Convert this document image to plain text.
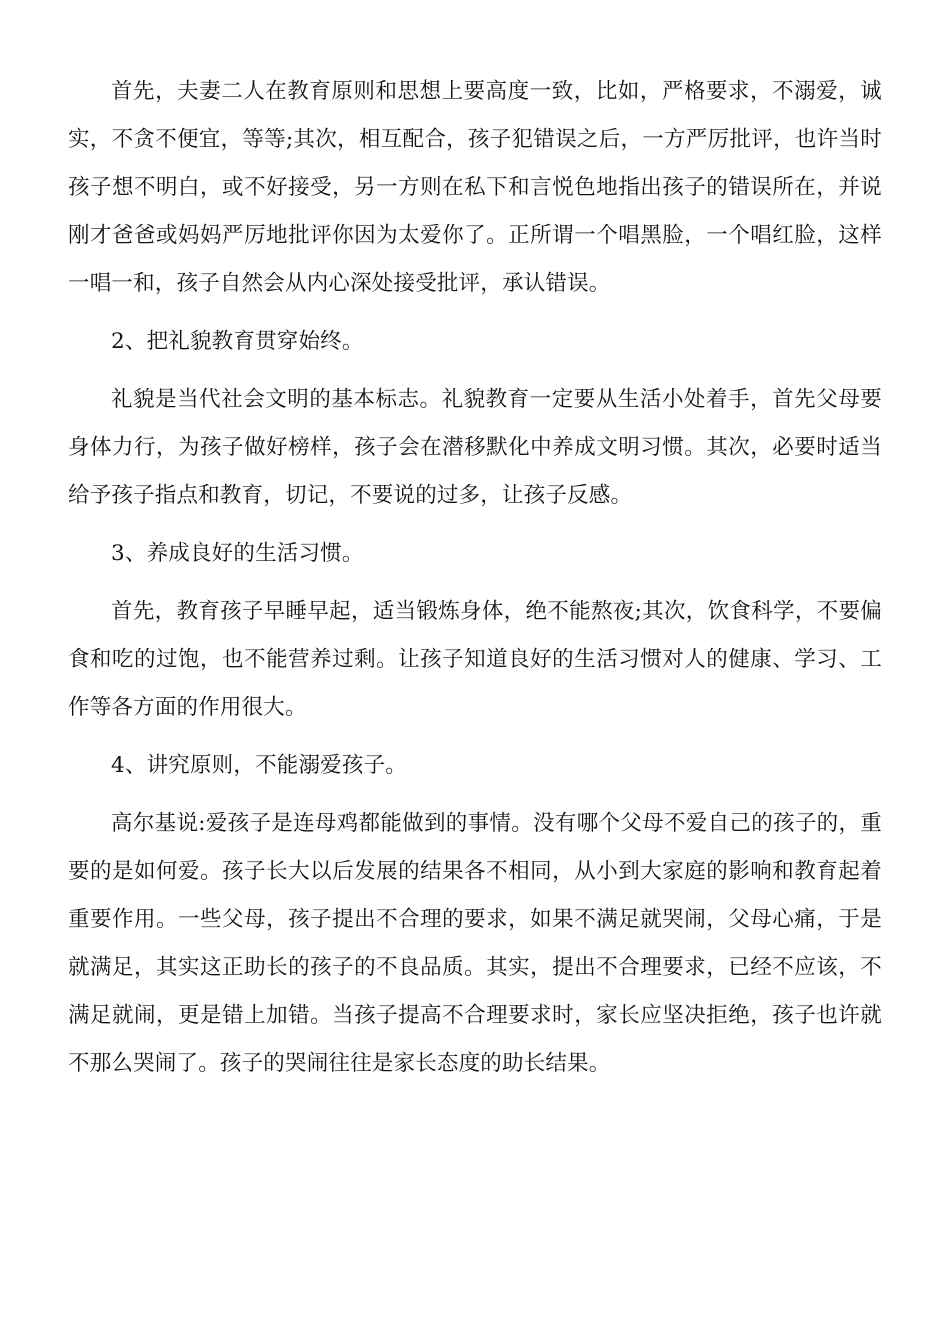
首先，夫妻二人在教育原则和思想上要高度一致，比如，严格要求，不溺爱，诚实，不贪不便宜，等等;其次，相互配合，孩子犯错误之后，一方严厉批评，也许当时孩子想不明白，或不好接受，另一方则在私下和言悦色地指出孩子的错误所在，并说刚才爸爸或妈妈严厉地批评你因为太爱你了。正所谓一个唱黑脸，一个唱红脸，这样一唱一和，孩子自然会从内心深处接受批评，承认错误。

2、把礼貌教育贯穿始终。

礼貌是当代社会文明的基本标志。礼貌教育一定要从生活小处着手，首先父母要身体力行，为孩子做好榜样，孩子会在潜移默化中养成文明习惯。其次，必要时适当给予孩子指点和教育，切记，不要说的过多，让孩子反感。

3、养成良好的生活习惯。

首先，教育孩子早睡早起，适当锻炼身体，绝不能熬夜;其次，饮食科学，不要偏食和吃的过饱，也不能营养过剩。让孩子知道良好的生活习惯对人的健康、学习、工作等各方面的作用很大。

4、讲究原则，不能溺爱孩子。

高尔基说:爱孩子是连母鸡都能做到的事情。没有哪个父母不爱自己的孩子的，重要的是如何爱。孩子长大以后发展的结果各不相同，从小到大家庭的影响和教育起着重要作用。一些父母，孩子提出不合理的要求，如果不满足就哭闹，父母心痛，于是就满足，其实这正助长的孩子的不良品质。其实，提出不合理要求，已经不应该，不满足就闹，更是错上加错。当孩子提高不合理要求时，家长应坚决拒绝，孩子也许就不那么哭闹了。孩子的哭闹往往是家长态度的助长结果。
